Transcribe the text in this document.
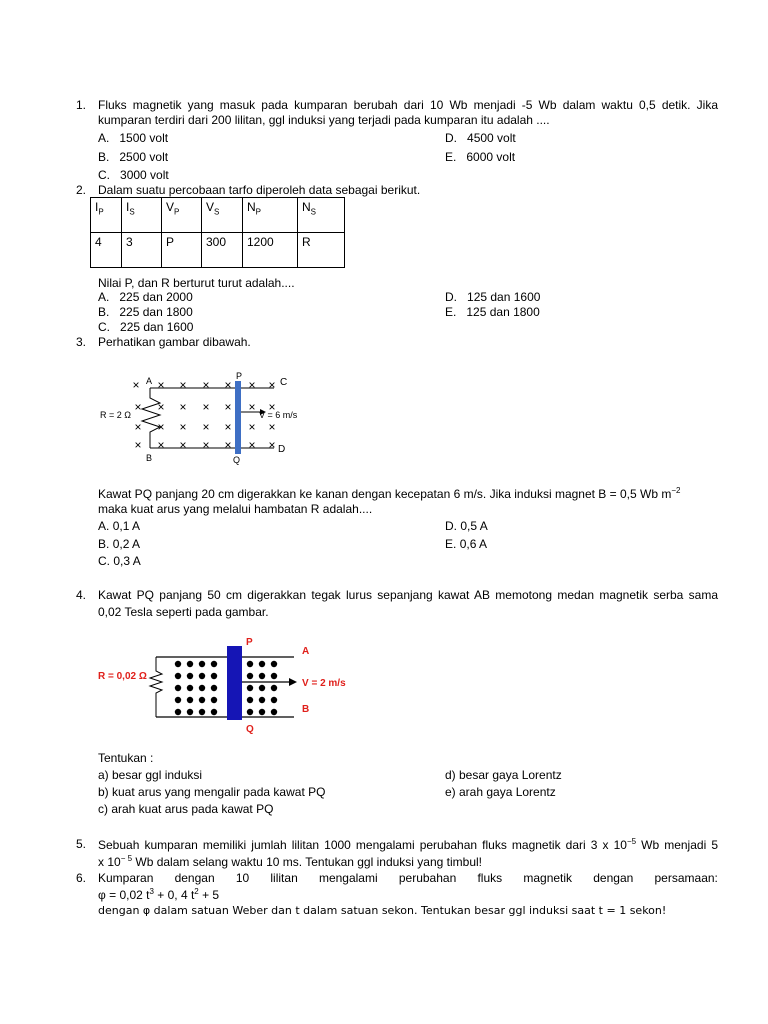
1. Fluks magnetik yang masuk pada kumparan berubah dari 10 Wb menjadi -5 Wb dalam waktu 0,5 detik. Jika
kumparan terdiri dari 200 lilitan, ggl induksi yang terjadi pada kumparan itu adalah ....
A. 1500 volt
B. 2500 volt
C. 3000 volt
D. 4500 volt
E. 6000 volt
2. Dalam suatu percobaan tarfo diperoleh data sebagai berikut.
$I_P$	$I_S$	$V_P$	$V_S$	$N_P$	$N_S$
4	3	P	300	1200	R
Nilai P, dan R berturut turut adalah....
A. 225 dan 2000
B. 225 dan 1800
C. 225 dan 1600
D. 125 dan 1600
E. 125 dan 1800
3. Perhatikan gambar dibawah.
× × × × × × ×
× × × × × × ×
× × × × × × ×
× × × × × × ×
A	P
C
B	Q
D
R = 2 Ω	V = 6 m/s
Kawat PQ panjang 20 cm digerakkan ke kanan dengan kecepatan 6 m/s. Jika induksi magnet B = 0,5 Wb $m^{-2}$
maka kuat arus yang melalui hambatan R adalah....
A. 0,1 A
B. 0,2 A
C. 0,3 A
D. 0,5 A
E. 0,6 A
4. Kawat PQ panjang 50 cm digerakkan tegak lurus sepanjang kawat AB memotong medan magnetik serba sama
0,02 Tesla seperti pada gambar.
P
A
R = 0,02 Ω
V = 2 m/s
B
Q
Tentukan :
a) besar ggl induksi
b) kuat arus yang mengalir pada kawat PQ
c) arah kuat arus pada kawat PQ
d) besar gaya Lorentz
e) arah gaya Lorentz
5. Sebuah kumparan memiliki jumlah lilitan 1000 mengalami perubahan fluks magnetik dari 3 x $10^{-5}$ Wb menjadi 5
x $10^{- 5}$ Wb dalam selang waktu 10 ms. Tentukan ggl induksi yang timbul!
6. Kumparan dengan 10 lilitan mengalami perubahan fluks magnetik dengan persamaan:
φ = 0,02 $t^3 + 0$, 4 $t^2 + 5$
dengan φ dalam satuan Weber dan t dalam satuan sekon. Tentukan besar ggl induksi saat t = 1 sekon!
